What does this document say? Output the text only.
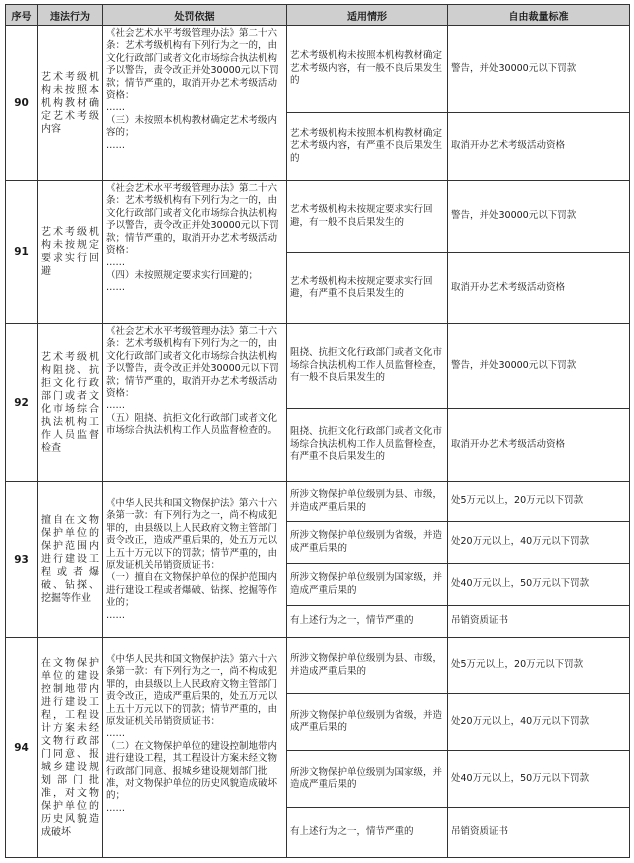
序号	违法行为	处罚依据	适用情形	自由裁量标准
90	艺术考级机构未按照本机构教材确定艺术考级内容	《社会艺术水平考级管理办法》第二十六条：艺术考级机构有下列行为之一的，由文化行政部门或者文化市场综合执法机构予以警告，责令改正并处30000元以下罚款；情节严重的，取消开办艺术考级活动资格：

……

（三）未按照本机构教材确定艺术考级内容的；

……	艺术考级机构未按照本机构教材确定艺术考级内容，有一般不良后果发生的	警告，并处30000元以下罚款
			艺术考级机构未按照本机构教材确定艺术考级内容，有严重不良后果发生的	取消开办艺术考级活动资格
91	艺术考级机构未按规定要求实行回避	《社会艺术水平考级管理办法》第二十六条：艺术考级机构有下列行为之一的，由文化行政部门或者文化市场综合执法机构予以警告，责令改正并处30000元以下罚款；情节严重的，取消开办艺术考级活动资格：

……

（四）未按照规定要求实行回避的；

……	艺术考级机构未按规定要求实行回避，有一般不良后果发生的	警告，并处30000元以下罚款
			艺术考级机构未按规定要求实行回避，有严重不良后果发生的	取消开办艺术考级活动资格
92	艺术考级机构阻挠、抗拒文化行政部门或者文化市场综合执法机构工作人员监督检查	《社会艺术水平考级管理办法》第二十六条：艺术考级机构有下列行为之一的，由文化行政部门或者文化市场综合执法机构予以警告，责令改正并处30000元以下罚款；情节严重的，取消开办艺术考级活动资格：

……

（五）阻挠、抗拒文化行政部门或者文化市场综合执法机构工作人员监督检查的。	阻挠、抗拒文化行政部门或者文化市场综合执法机构工作人员监督检查，有一般不良后果发生的	警告，并处30000元以下罚款
			阻挠、抗拒文化行政部门或者文化市场综合执法机构工作人员监督检查，有严重不良后果发生的	取消开办艺术考级活动资格
93	擅自在文物保护单位的保护范围内进行建设工程或者爆破、钻探、挖掘等作业	《中华人民共和国文物保护法》第六十六条第一款：有下列行为之一，尚不构成犯罪的，由县级以上人民政府文物主管部门责令改正，造成严重后果的，处五万元以上五十万元以下的罚款；情节严重的，由原发证机关吊销资质证书：

（一）擅自在文物保护单位的保护范围内进行建设工程或者爆破、钻探、挖掘等作业的；

……	所涉文物保护单位级别为县、市级，并造成严重后果的	处5万元以上，20万元以下罚款
			所涉文物保护单位级别为省级，并造成严重后果的	处20万元以上，40万元以下罚款
			所涉文物保护单位级别为国家级，并造成严重后果的	处40万元以上，50万元以下罚款
			有上述行为之一，情节严重的	吊销资质证书
94	在文物保护单位的建设控制地带内进行建设工程，工程设计方案未经文物行政部门同意、报城乡建设规划部门批准，对文物保护单位的历史风貌造成破坏	《中华人民共和国文物保护法》第六十六条第一款：有下列行为之一，尚不构成犯罪的，由县级以上人民政府文物主管部门责令改正，造成严重后果的，处五万元以上五十万元以下的罚款；情节严重的，由原发证机关吊销资质证书：

……

（二）在文物保护单位的建设控制地带内进行建设工程，其工程设计方案未经文物行政部门同意、报城乡建设规划部门批准，对文物保护单位的历史风貌造成破坏的；

……	所涉文物保护单位级别为县、市级，并造成严重后果的	处5万元以上，20万元以下罚款
			所涉文物保护单位级别为省级，并造成严重后果的	处20万元以上，40万元以下罚款
			所涉文物保护单位级别为国家级，并造成严重后果的	处40万元以上，50万元以下罚款
			有上述行为之一，情节严重的	吊销资质证书
